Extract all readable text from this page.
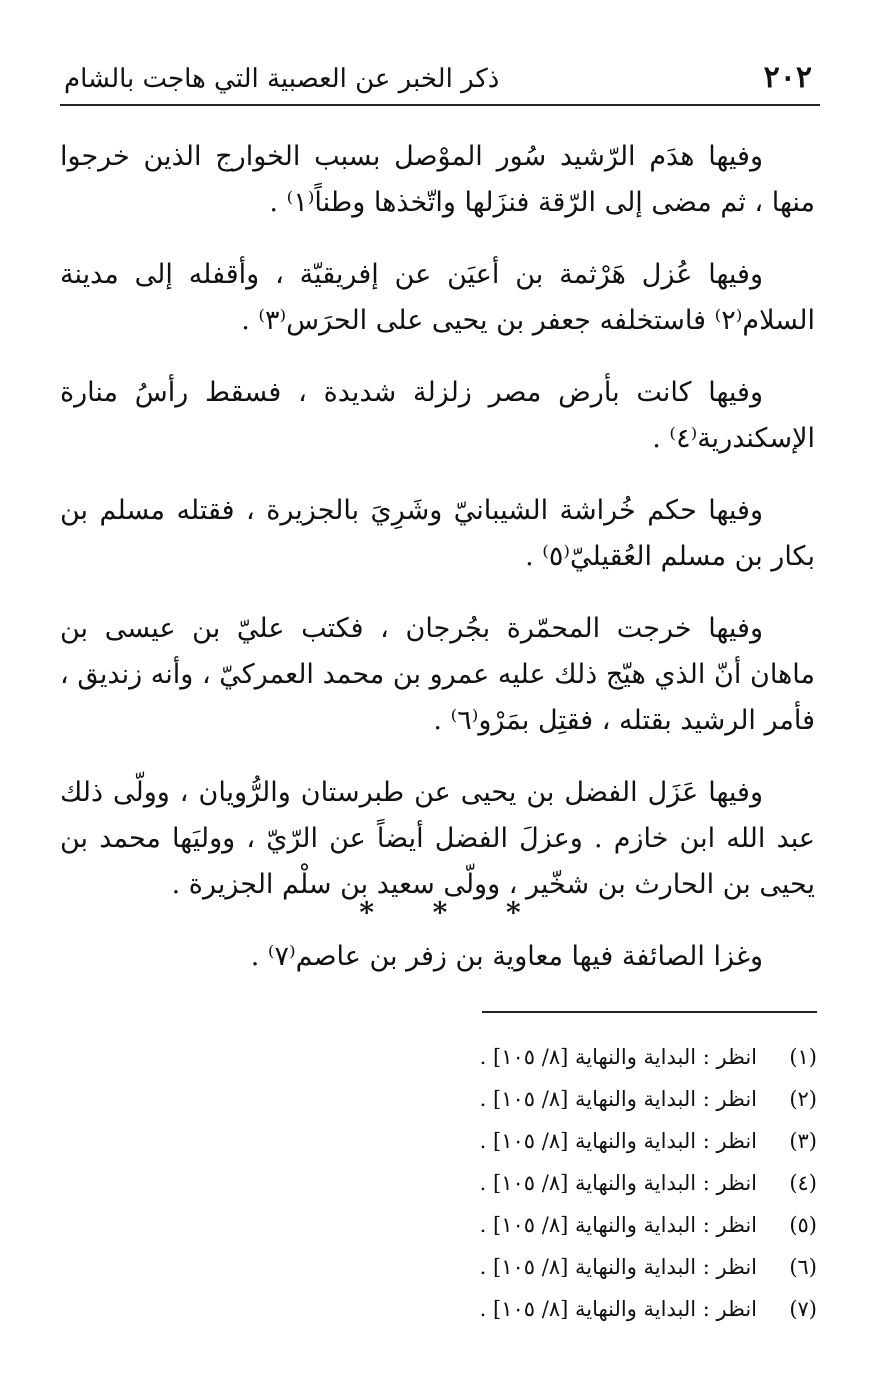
٢٠٢
ذكر الخبر عن العصبية التي هاجت بالشام

وفيها هدَم الرّشيد سُور الموْصل بسبب الخوارج الذين خرجوا منها ، ثم مضى إلى الرّقة فنزَلها واتّخذها وطناً⁽١⁾ .

وفيها عُزل هَرْثمة بن أعيَن عن إفريقيّة ، وأقفله إلى مدينة السلام⁽٢⁾ فاستخلفه جعفر بن يحيى على الحرَس⁽٣⁾ .

وفيها كانت بأرض مصر زلزلة شديدة ، فسقط رأسُ منارة الإسكندرية⁽٤⁾ .

وفيها حكم خُراشة الشيبانيّ وشَرِيَ بالجزيرة ، فقتله مسلم بن بكار بن مسلم العُقيليّ⁽٥⁾ .

وفيها خرجت المحمّرة بجُرجان ، فكتب عليّ بن عيسى بن ماهان أنّ الذي هيّج ذلك عليه عمرو بن محمد العمركيّ ، وأنه زنديق ، فأمر الرشيد بقتله ، فقتِل بمَرْو⁽٦⁾ .

وفيها عَزَل الفضل بن يحيى عن طبرستان والرُّويان ، وولّى ذلك عبد الله ابن خازم . وعزلَ الفضل أيضاً عن الرّيّ ، ووليَها محمد بن يحيى بن الحارث بن شخّير ، وولّى سعيد بن سلْم الجزيرة .

وغزا الصائفة فيها معاوية بن زفر بن عاصم⁽٧⁾ .

* * *
(١)
انظر : البداية والنهاية [٨/ ١٠٥] .
(٢)
انظر : البداية والنهاية [٨/ ١٠٥] .
(٣)
انظر : البداية والنهاية [٨/ ١٠٥] .
(٤)
انظر : البداية والنهاية [٨/ ١٠٥] .
(٥)
انظر : البداية والنهاية [٨/ ١٠٥] .
(٦)
انظر : البداية والنهاية [٨/ ١٠٥] .
(٧)
انظر : البداية والنهاية [٨/ ١٠٥] .
